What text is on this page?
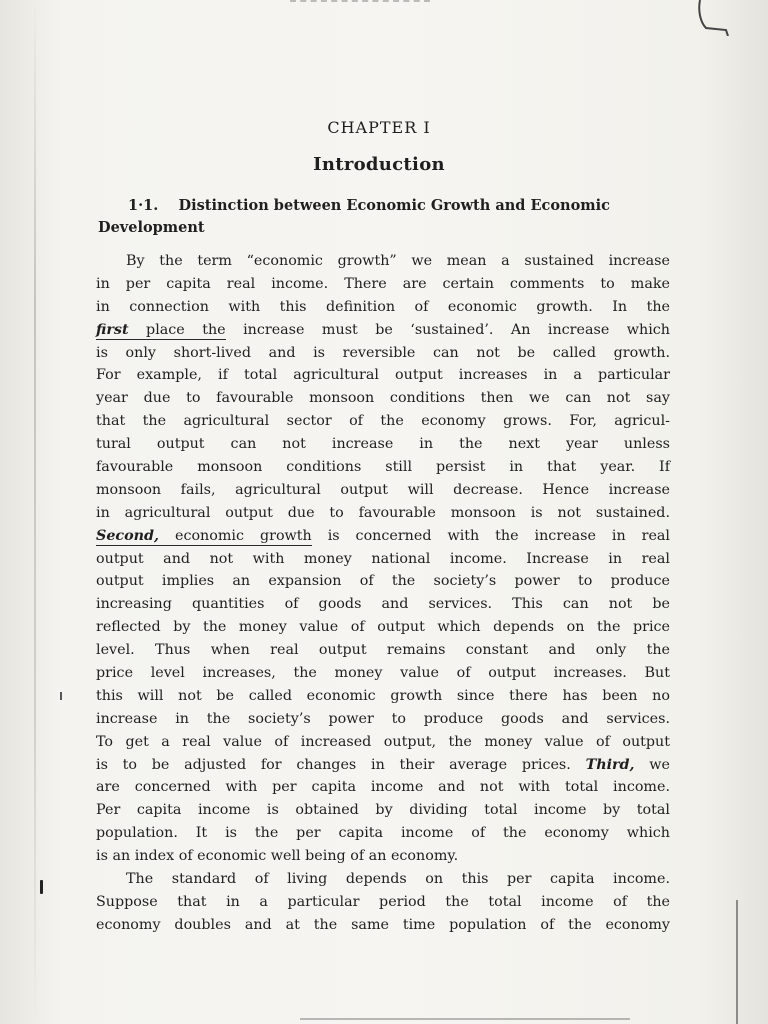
CHAPTER I
Introduction
1·1. Distinction between Economic Growth and Economic Development
By the term “economic growth” we mean a sustained increase
in per capita real income. There are certain comments to make
in connection with this definition of economic growth. In the
first place the increase must be ‘sustained’. An increase which
is only short-lived and is reversible can not be called growth.
For example, if total agricultural output increases in a particular
year due to favourable monsoon conditions then we can not say
that the agricultural sector of the economy grows. For, agricul-
tural output can not increase in the next year unless
favourable monsoon conditions still persist in that year. If
monsoon fails, agricultural output will decrease. Hence increase
in agricultural output due to favourable monsoon is not sustained.
Second, economic growth is concerned with the increase in real
output and not with money national income. Increase in real
output implies an expansion of the society’s power to produce
increasing quantities of goods and services. This can not be
reflected by the money value of output which depends on the price
level. Thus when real output remains constant and only the
price level increases, the money value of output increases. But
this will not be called economic growth since there has been no
increase in the society’s power to produce goods and services.
To get a real value of increased output, the money value of output
is to be adjusted for changes in their average prices. Third, we
are concerned with per capita income and not with total income.
Per capita income is obtained by dividing total income by total
population. It is the per capita income of the economy which
is an index of economic well being of an economy.
The standard of living depends on this per capita income.
Suppose that in a particular period the total income of the
economy doubles and at the same time population of the economy
